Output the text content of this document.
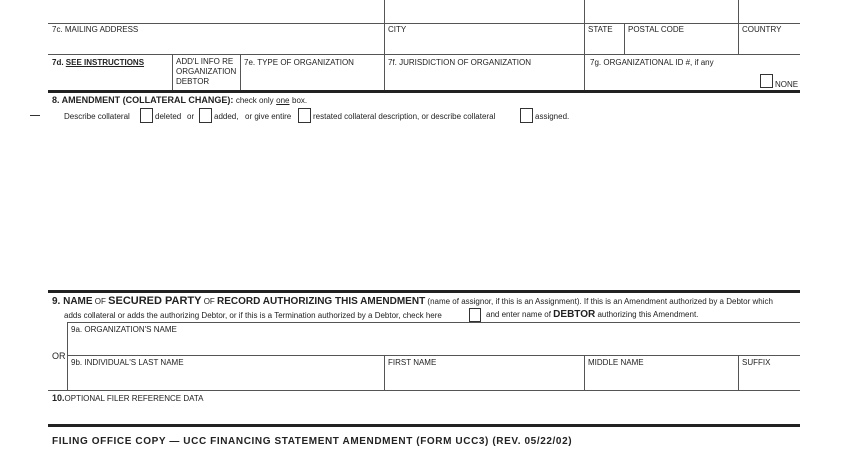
7c. MAILING ADDRESS	CITY	STATE POSTAL CODE	COUNTRY
7d. SEE INSTRUCTIONS	ADD'L INFO RE
ORGANIZATION
DEBTOR
7e. TYPE OF ORGANIZATION	7f. JURISDICTION OF ORGANIZATION	7g. ORGANIZATIONAL ID #, if any
NONE
8. AMENDMENT (COLLATERAL CHANGE): check only one box.
Describe collateral	deleted or added, or give entire	restated collateral description, or describe collateral	assigned.
9. NAME OF SECURED PARTY OF RECORD AUTHORIZING THIS AMENDMENT (name of assignor, if this is an Assignment). If this is an Amendment authorized by a Debtor which
adds collateral or adds the authorizing Debtor, or if this is a Termination authorized by a Debtor, check here	and enter name of DEBTOR authorizing this Amendment.
9a. ORGANIZATION'S NAME
OR
9b. INDIVIDUAL'S LAST NAME	FIRST NAME	MIDDLE NAME	SUFFIX
10.OPTIONAL FILER REFERENCE DATA
FILING OFFICE COPY — UCC FINANCING STATEMENT AMENDMENT (FORM UCC3) (REV. 05/22/02)
